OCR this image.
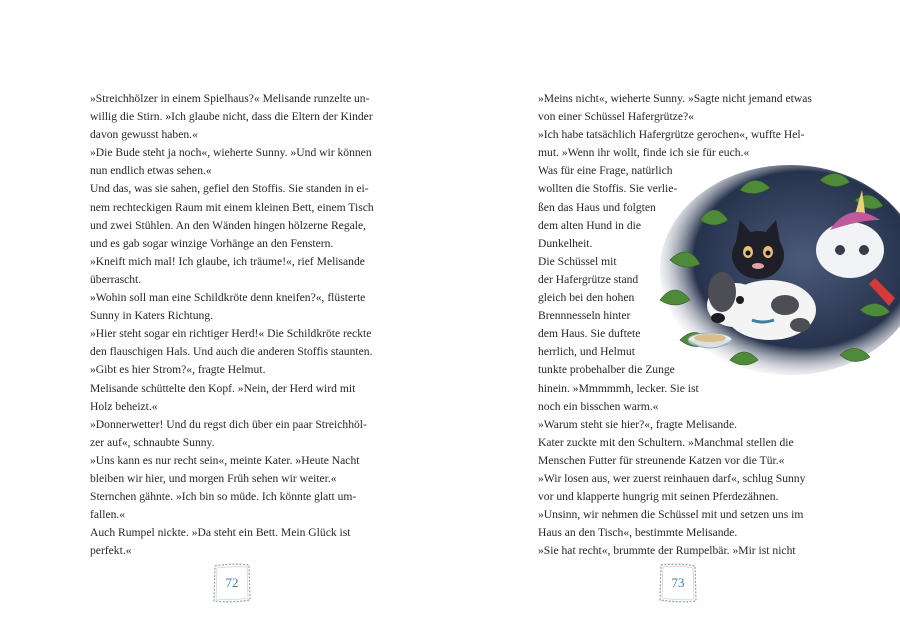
»Streichhölzer in einem Spielhaus?« Melisande runzelte un-
willig die Stirn. »Ich glaube nicht, dass die Eltern der Kinder
davon gewusst haben.«
»Die Bude steht ja noch«, wieherte Sunny. »Und wir können
nun endlich etwas sehen.«
Und das, was sie sahen, gefiel den Stoffis. Sie standen in ei-
nem rechteckigen Raum mit einem kleinen Bett, einem Tisch
und zwei Stühlen. An den Wänden hingen hölzerne Regale,
und es gab sogar winzige Vorhänge an den Fenstern.
»Kneift mich mal! Ich glaube, ich träume!«, rief Melisande
überrascht.
»Wohin soll man eine Schildkröte denn kneifen?«, flüsterte
Sunny in Katers Richtung.
»Hier steht sogar ein richtiger Herd!« Die Schildkröte reckte
den flauschigen Hals. Und auch die anderen Stoffis staunten.
»Gibt es hier Strom?«, fragte Helmut.
Melisande schüttelte den Kopf. »Nein, der Herd wird mit
Holz beheizt.«
»Donnerwetter! Und du regst dich über ein paar Streichhöl-
zer auf«, schnaubte Sunny.
»Uns kann es nur recht sein«, meinte Kater. »Heute Nacht
bleiben wir hier, und morgen Früh sehen wir weiter.«
Sternchen gähnte. »Ich bin so müde. Ich könnte glatt um-
fallen.«
Auch Rumpel nickte. »Da steht ein Bett. Mein Glück ist
perfekt.«
72
»Meins nicht«, wieherte Sunny. »Sagte nicht jemand etwas
von einer Schüssel Hafergrütze?«
»Ich habe tatsächlich Hafergrütze gerochen«, wuffte Hel-
mut. »Wenn ihr wollt, finde ich sie für euch.«
Was für eine Frage, natürlich
wollten die Stoffis. Sie verlie-
ßen das Haus und folgten
dem alten Hund in die
Dunkelheit.
Die Schüssel mit
der Hafergrütze stand
gleich bei den hohen
Brennnesseln hinter
dem Haus. Sie duftete
herrlich, und Helmut
tunkte probehalber die Zunge
hinein. »Mmmmmh, lecker. Sie ist
noch ein bisschen warm.«
»Warum steht sie hier?«, fragte Melisande.
Kater zuckte mit den Schultern. »Manchmal stellen die
Menschen Futter für streunende Katzen vor die Tür.«
»Wir losen aus, wer zuerst reinhauen darf«, schlug Sunny
vor und klapperte hungrig mit seinen Pferdezähnen.
»Unsinn, wir nehmen die Schüssel mit und setzen uns im
Haus an den Tisch«, bestimmte Melisande.
»Sie hat recht«, brummte der Rumpelbär. »Mir ist nicht
73
